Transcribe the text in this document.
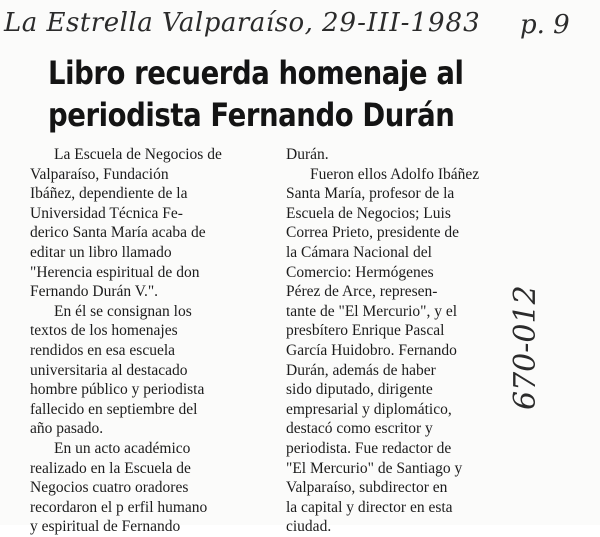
La Estrella Valparaíso, 29-III-1983 p. 9
670-012
Libro recuerda homenaje al
periodista Fernando Durán
La Escuela de Negocios de
Valparaíso, Fundación
Ibáñez, dependiente de la
Universidad Técnica Fe-
derico Santa María acaba de
editar un libro llamado
"Herencia espiritual de don
Fernando Durán V.".
En él se consignan los
textos de los homenajes
rendidos en esa escuela
universitaria al destacado
hombre público y periodista
fallecido en septiembre del
año pasado.
En un acto académico
realizado en la Escuela de
Negocios cuatro oradores
recordaron el p erfil humano
y espiritual de Fernando
Durán.
Fueron ellos Adolfo Ibáñez
Santa María, profesor de la
Escuela de Negocios; Luis
Correa Prieto, presidente de
la Cámara Nacional del
Comercio: Hermógenes
Pérez de Arce, represen-
tante de "El Mercurio", y el
presbítero Enrique Pascal
García Huidobro. Fernando
Durán, además de haber
sido diputado, dirigente
empresarial y diplomático,
destacó como escritor y
periodista. Fue redactor de
"El Mercurio" de Santiago y
Valparaíso, subdirector en
la capital y director en esta
ciudad.
